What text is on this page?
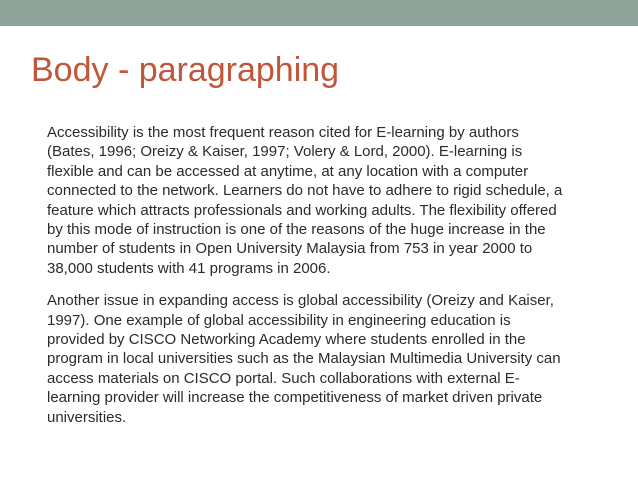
Body - paragraphing

Accessibility is the most frequent reason cited for E-learning by authors
(Bates, 1996; Oreizy & Kaiser, 1997; Volery & Lord, 2000). E-learning is
flexible and can be accessed at anytime, at any location with a computer
connected to the network. Learners do not have to adhere to rigid schedule, a
feature which attracts professionals and working adults. The flexibility offered
by this mode of instruction is one of the reasons of the huge increase in the
number of students in Open University Malaysia from 753 in year 2000 to
38,000 students with 41 programs in 2006.

Another issue in expanding access is global accessibility (Oreizy and Kaiser,
1997). One example of global accessibility in engineering education is
provided by CISCO Networking Academy where students enrolled in the
program in local universities such as the Malaysian Multimedia University can
access materials on CISCO portal. Such collaborations with external E-
learning provider will increase the competitiveness of market driven private
universities.
